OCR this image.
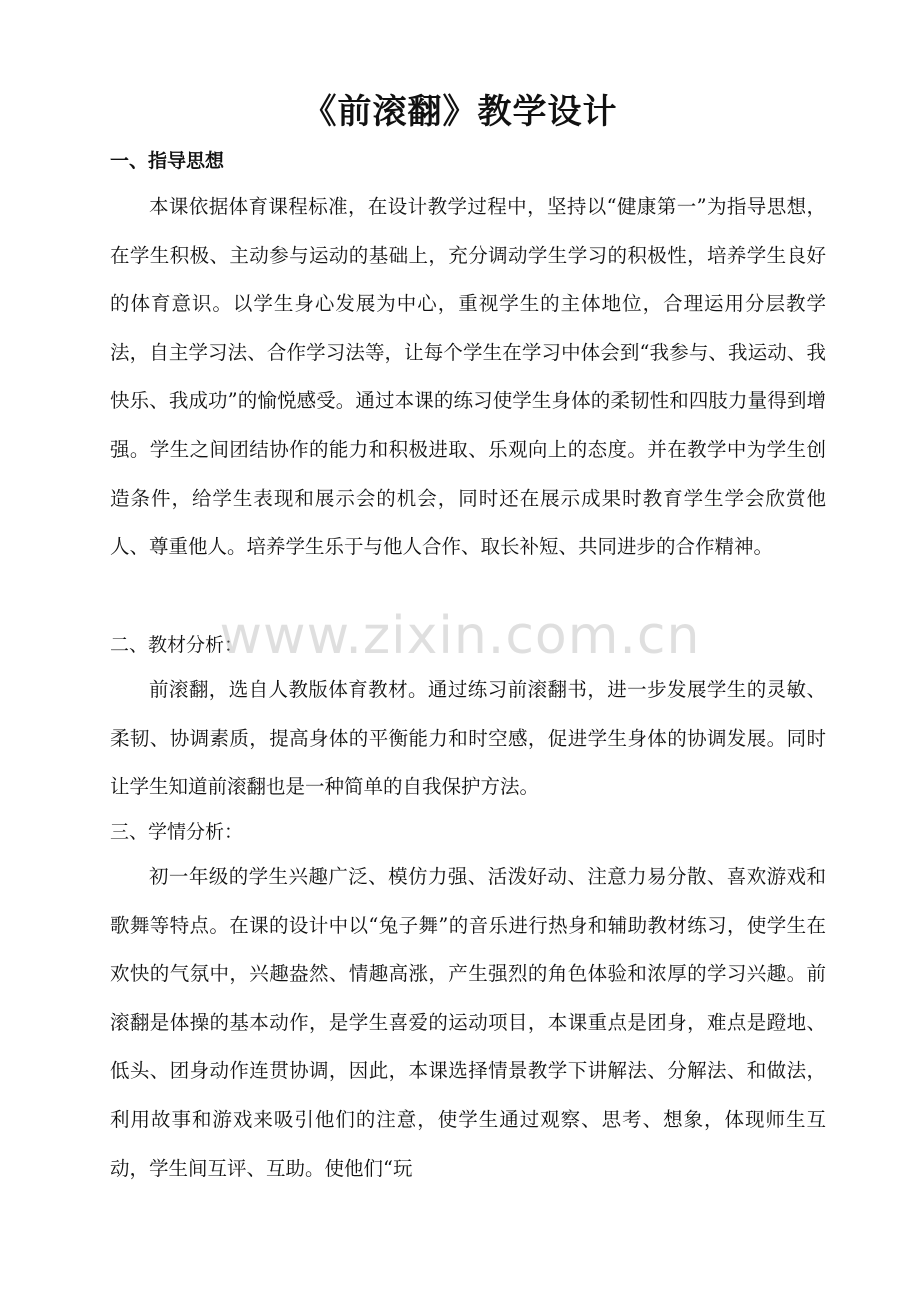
《前滚翻》教学设计
一、指导思想
本课依据体育课程标准，在设计教学过程中，坚持以“健康第一”为指导思想，在学生积极、主动参与运动的基础上，充分调动学生学习的积极性，培养学生良好的体育意识。以学生身心发展为中心，重视学生的主体地位，合理运用分层教学法，自主学习法、合作学习法等，让每个学生在学习中体会到“我参与、我运动、我快乐、我成功”的愉悦感受。通过本课的练习使学生身体的柔韧性和四肢力量得到增强。学生之间团结协作的能力和积极进取、乐观向上的态度。并在教学中为学生创造条件，给学生表现和展示会的机会，同时还在展示成果时教育学生学会欣赏他人、尊重他人。培养学生乐于与他人合作、取长补短、共同进步的合作精神。
二、教材分析：
前滚翻，选自人教版体育教材。通过练习前滚翻书，进一步发展学生的灵敏、柔韧、协调素质，提高身体的平衡能力和时空感，促进学生身体的协调发展。同时让学生知道前滚翻也是一种简单的自我保护方法。
三、学情分析：
初一年级的学生兴趣广泛、模仿力强、活泼好动、注意力易分散、喜欢游戏和歌舞等特点。在课的设计中以“兔子舞”的音乐进行热身和辅助教材练习，使学生在欢快的气氛中，兴趣盎然、情趣高涨，产生强烈的角色体验和浓厚的学习兴趣。前滚翻是体操的基本动作，是学生喜爱的运动项目，本课重点是团身，难点是蹬地、低头、团身动作连贯协调，因此，本课选择情景教学下讲解法、分解法、和做法，利用故事和游戏来吸引他们的注意，使学生通过观察、思考、想象，体现师生互动，学生间互评、互助。使他们“玩
www.zixin.com.cn
